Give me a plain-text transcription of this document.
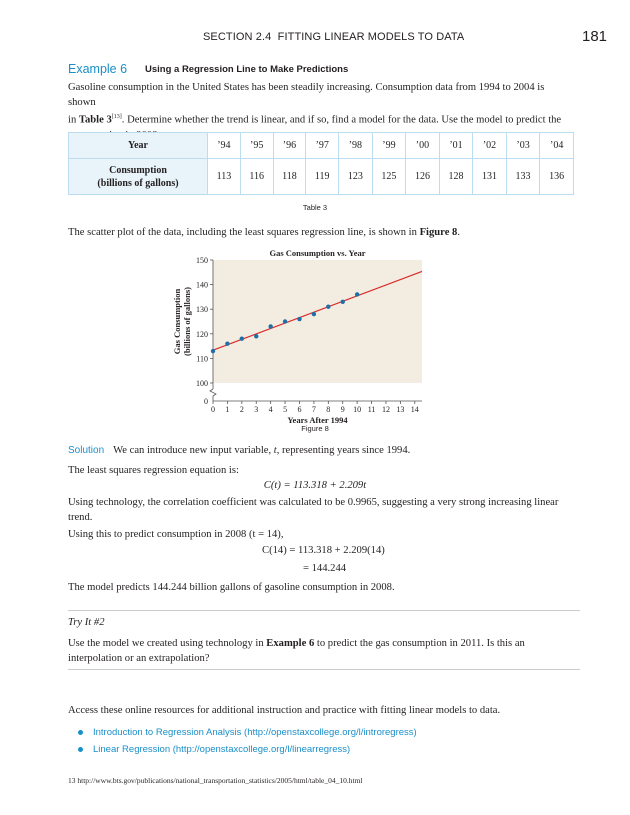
SECTION 2.4 FITTING LINEAR MODELS TO DATA	181
Example 6 Using a Regression Line to Make Predictions
Gasoline consumption in the United States has been steadily increasing. Consumption data from 1994 to 2004 is shown
in Table 3[13]. Determine whether the trend is linear, and if so, find a model for the data. Use the model to predict the
Year	’94	’95	’96	’97	’98	’99	’00	’01	’02	’03	’04
Consumption
(billions of gallons)	113	116	118	119	123	125	126	128	131	133	136
Table 3
The scatter plot of the data, including the least squares regression line, is shown in Figure 8.
Gas Consumption vs. Year
100
110
120
130
140
150
0
0 1 2 3 4 5 6 7 8 9 10 11 12 13 14
Years After 1994
Gas Consumption (billions of gallons)
Figure 8
Solution We can introduce new input variable, t, representing years since 1994.
The least squares regression equation is:
C(t) = 113.318 + 2.209t
Using technology, the correlation coefficient was calculated to be 0.9965, suggesting a very strong increasing linear
trend.
Using this to predict consumption in 2008 (t = 14),
C(14) = 113.318 + 2.209(14)
= 144.244
The model predicts 144.244 billion gallons of gasoline consumption in 2008.
Try It #2
Use the model we created using technology in Example 6 to predict the gas consumption in 2011. Is this an
interpolation or an extrapolation?
Access these online resources for additional instruction and practice with fitting linear models to data.
Introduction to Regression Analysis (http://openstaxcollege.org/l/introregress)
Linear Regression (http://openstaxcollege.org/l/linearregress)
13 http://www.bts.gov/publications/national_transportation_statistics/2005/html/table_04_10.html
